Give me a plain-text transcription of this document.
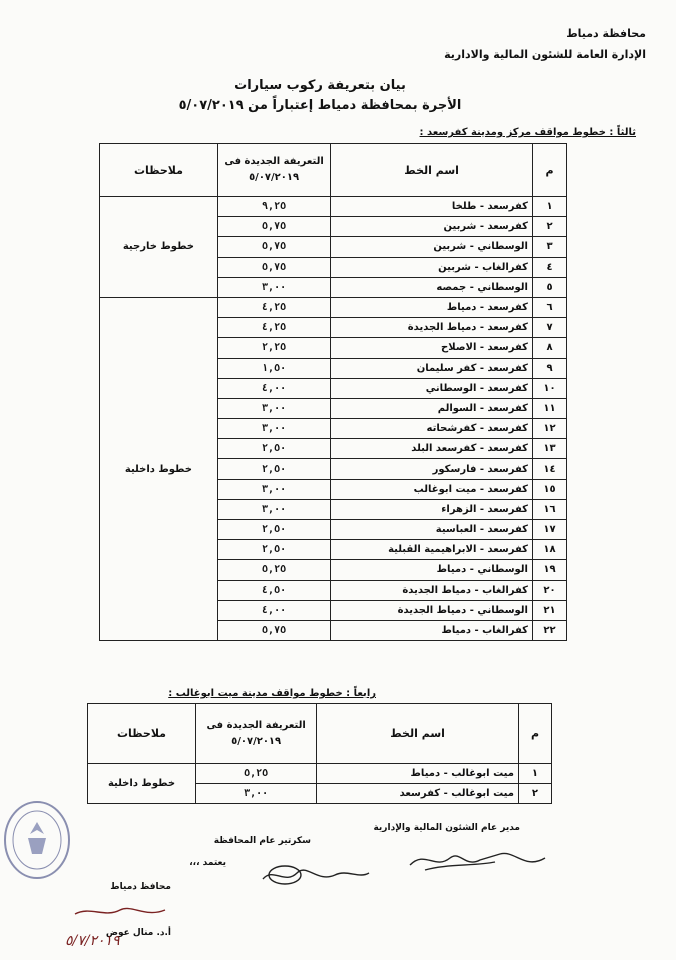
محافظة دمياط
الإدارة العامة للشئون المالية والادارية
بيان بتعريفة ركوب سيارات
الأجرة بمحافظة دمياط إعتباراً من ٥/٠٧/٢٠١٩
ثالثاً : خطوط مواقف مركز ومدينة كفرسعد :
م	اسم الخط	التعريفة الجديدة فى ٥/٠٧/٢٠١٩	ملاحظات
١	كفرسعد - طلخا	٩,٢٥	خطوط خارجية
٢	كفرسعد - شربين	٥,٧٥	
٣	الوسطاني - شربين	٥,٧٥	
٤	كفرالغاب - شربين	٥,٧٥	
٥	الوسطاني - جمصه	٣,٠٠	
٦	كفرسعد - دمياط	٤,٢٥	خطوط داخلية
٧	كفرسعد - دمياط الجديدة	٤,٢٥	
٨	كفرسعد - الاصلاح	٢,٢٥	
٩	كفرسعد - كفر سليمان	١,٥٠	
١٠	كفرسعد - الوسطاني	٤,٠٠	
١١	كفرسعد - السوالم	٣,٠٠	
١٢	كفرسعد - كفرشحاته	٣,٠٠	
١٣	كفرسعد - كفرسعد البلد	٢,٥٠	
١٤	كفرسعد - فارسكور	٢,٥٠	
١٥	كفرسعد - ميت ابوغالب	٣,٠٠	
١٦	كفرسعد - الزهراء	٣,٠٠	
١٧	كفرسعد - العباسية	٢,٥٠	
١٨	كفرسعد - الابراهيمية القبلية	٢,٥٠	
١٩	الوسطاني - دمياط	٥,٢٥	
٢٠	كفرالغاب - دمياط الجديدة	٤,٥٠	
٢١	الوسطاني - دمياط الجديدة	٤,٠٠	
٢٢	كفرالغاب - دمياط	٥,٧٥	
رابعاً : خطوط مواقف مدينة ميت ابوغالب :
م	اسم الخط	التعريفة الجديدة فى ٥/٠٧/٢٠١٩	ملاحظات
١	ميت ابوغالب - دمياط	٥,٢٥	خطوط داخلية
٢	ميت ابوغالب - كفرسعد	٣,٠٠	
مدير عام الشئون المالية والإدارية
سكرتير عام المحافظة
يعتمد ،،،
محافظ دمياط
أ.د. منال عوض
٥/٧/٢٠١٩
